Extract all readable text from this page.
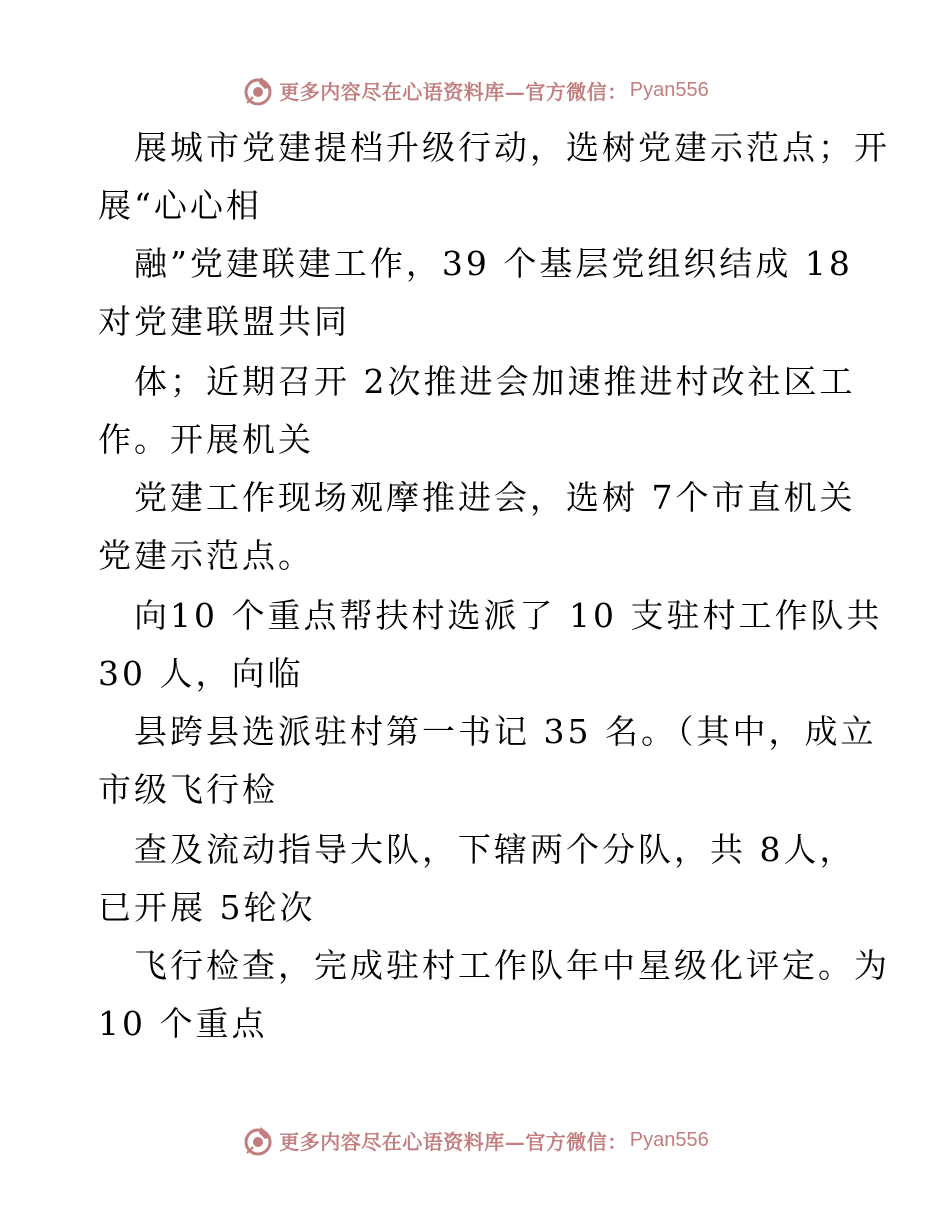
更多内容尽在心语资料库—官方微信： Pyan556
展城市党建提档升级行动，选树党建示范点；开
展“心心相
融”党建联建工作，39 个基层党组织结成 18
对党建联盟共同
体；近期召开 2次推进会加速推进村改社区工
作。开展机关
党建工作现场观摩推进会，选树 7个市直机关
党建示范点。
向10 个重点帮扶村选派了 10 支驻村工作队共
30 人，向临
县跨县选派驻村第一书记 35 名。（其中，成立
市级飞行检
查及流动指导大队，下辖两个分队，共 8人，
已开展 5轮次
飞行检查，完成驻村工作队年中星级化评定。为
10 个重点
更多内容尽在心语资料库—官方微信： Pyan556
